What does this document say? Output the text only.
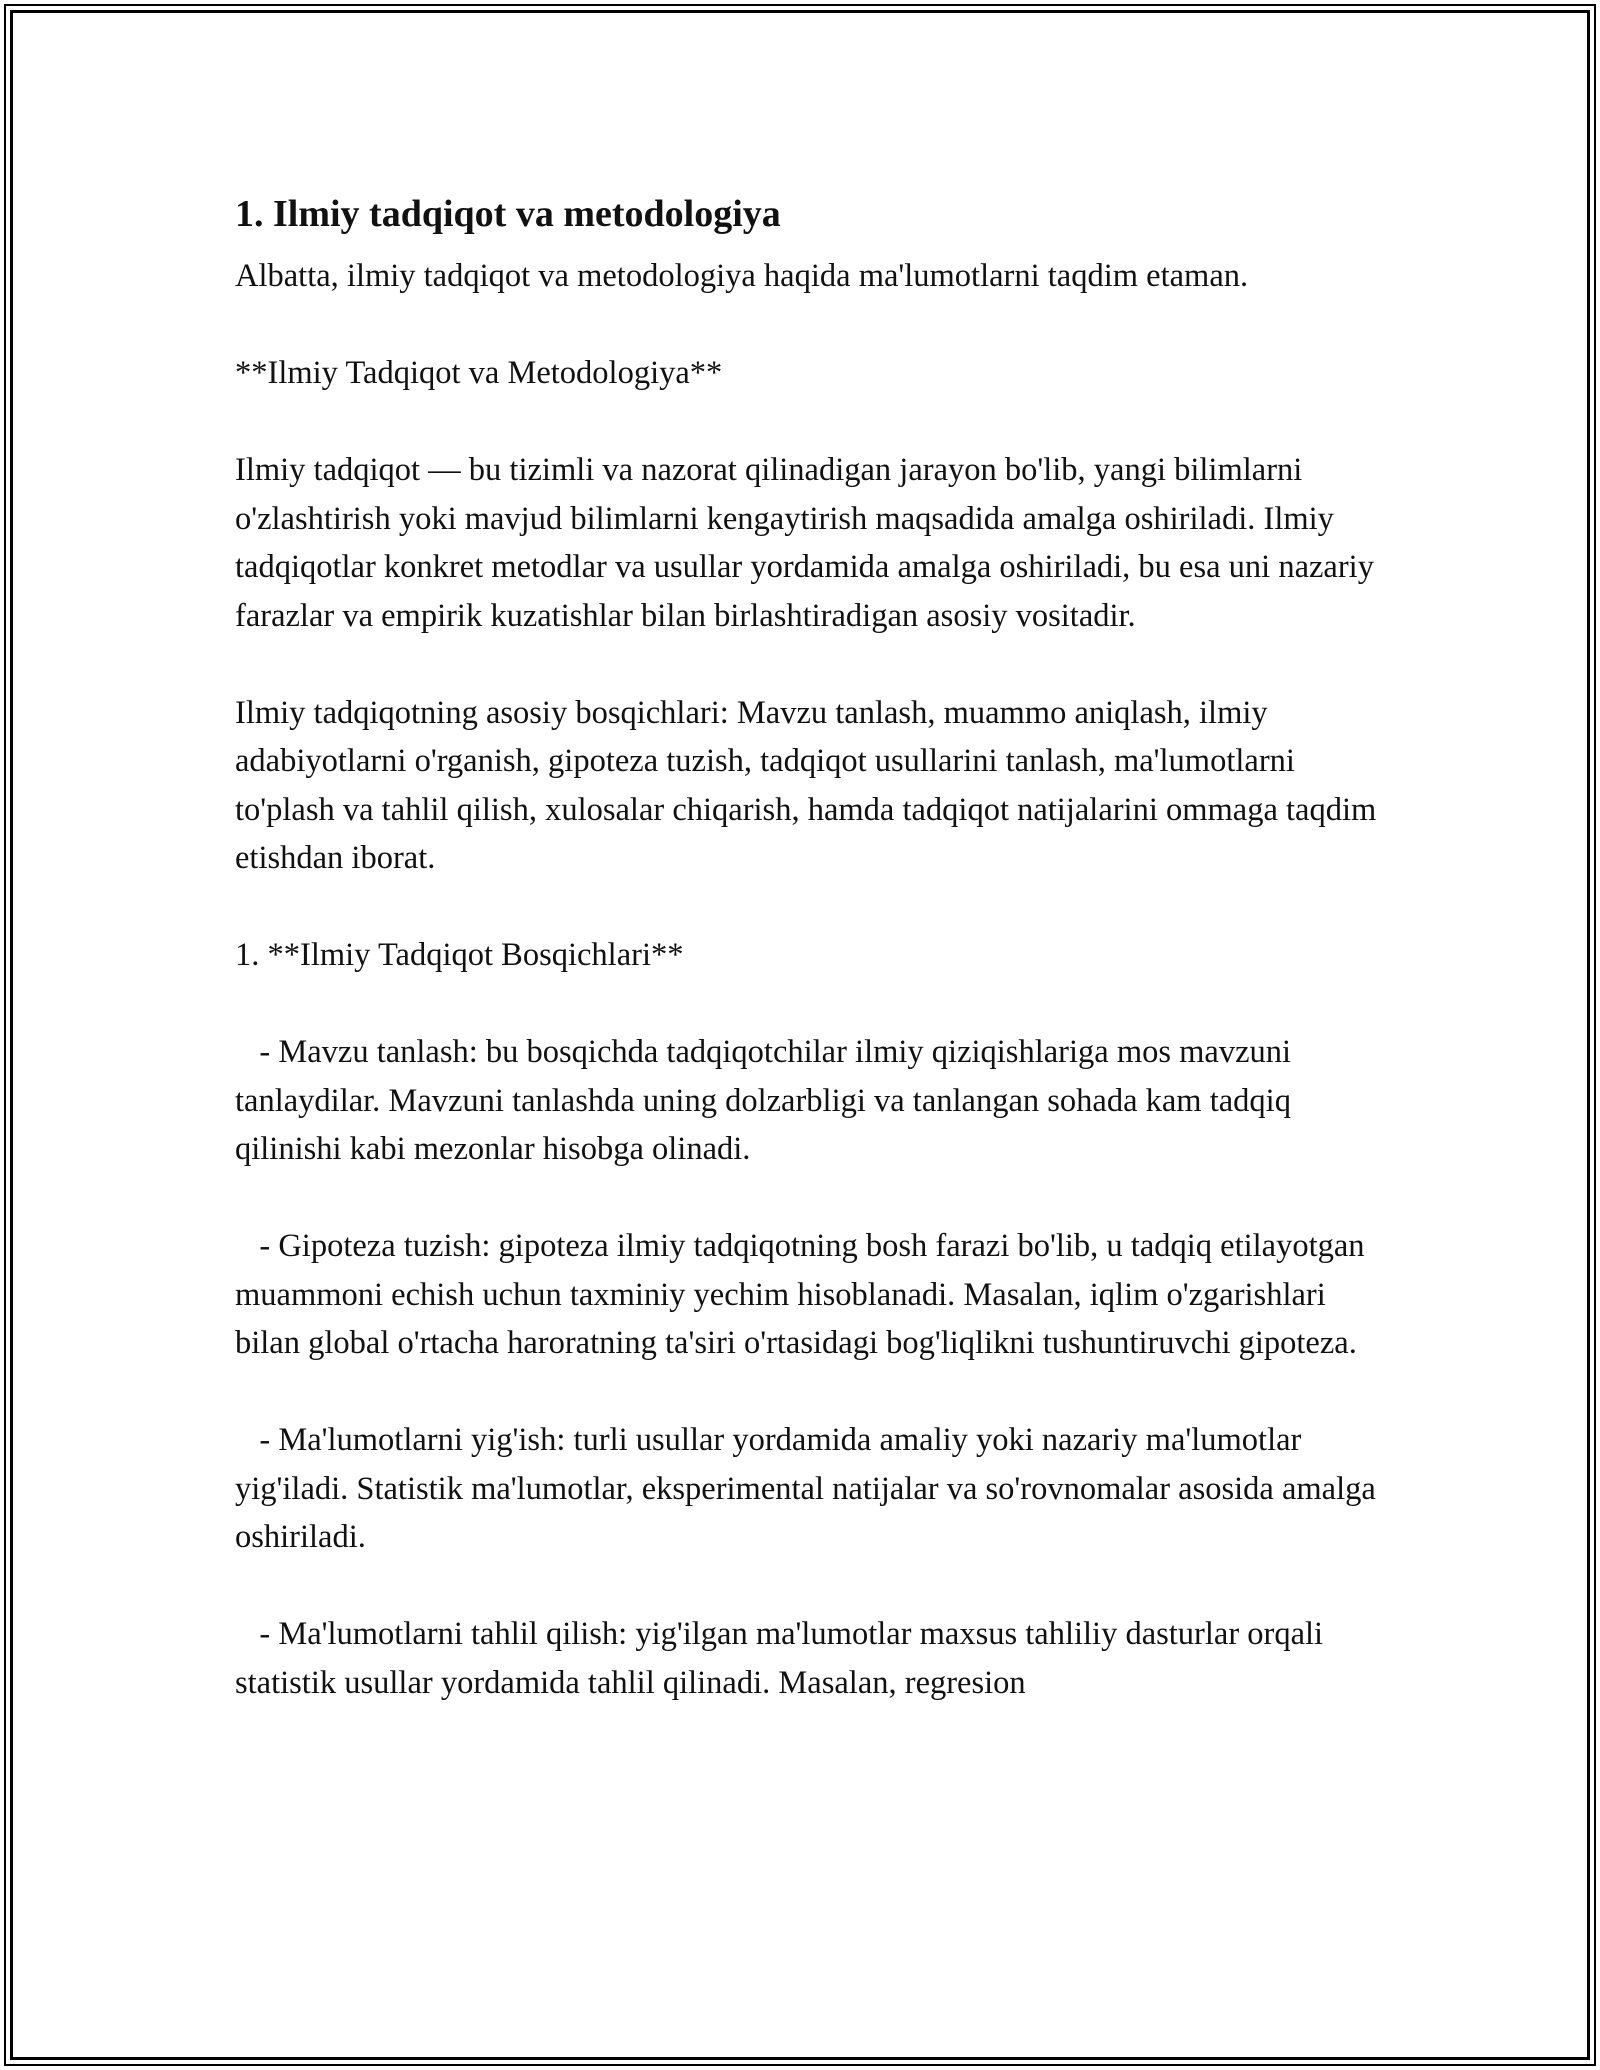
1. Ilmiy tadqiqot va metodologiya

Albatta, ilmiy tadqiqot va metodologiya haqida ma'lumotlarni taqdim etaman.

**Ilmiy Tadqiqot va Metodologiya**

Ilmiy tadqiqot — bu tizimli va nazorat qilinadigan jarayon bo'lib, yangi bilimlarni o'zlashtirish yoki mavjud bilimlarni kengaytirish maqsadida amalga oshiriladi. Ilmiy tadqiqotlar konkret metodlar va usullar yordamida amalga oshiriladi, bu esa uni nazariy farazlar va empirik kuzatishlar bilan birlashtiradigan asosiy vositadir.

Ilmiy tadqiqotning asosiy bosqichlari: Mavzu tanlash, muammo aniqlash, ilmiy adabiyotlarni o'rganish, gipoteza tuzish, tadqiqot usullarini tanlash, ma'lumotlarni to'plash va tahlil qilish, xulosalar chiqarish, hamda tadqiqot natijalarini ommaga taqdim etishdan iborat.

1. **Ilmiy Tadqiqot Bosqichlari**

- Mavzu tanlash: bu bosqichda tadqiqotchilar ilmiy qiziqishlariga mos mavzuni tanlaydilar. Mavzuni tanlashda uning dolzarbligi va tanlangan sohada kam tadqiq qilinishi kabi mezonlar hisobga olinadi.

- Gipoteza tuzish: gipoteza ilmiy tadqiqotning bosh farazi bo'lib, u tadqiq etilayotgan muammoni echish uchun taxminiy yechim hisoblanadi. Masalan, iqlim o'zgarishlari bilan global o'rtacha haroratning ta'siri o'rtasidagi bog'liqlikni tushuntiruvchi gipoteza.

- Ma'lumotlarni yig'ish: turli usullar yordamida amaliy yoki nazariy ma'lumotlar yig'iladi. Statistik ma'lumotlar, eksperimental natijalar va so'rovnomalar asosida amalga oshiriladi.

- Ma'lumotlarni tahlil qilish: yig'ilgan ma'lumotlar maxsus tahliliy dasturlar orqali statistik usullar yordamida tahlil qilinadi. Masalan, regresion
